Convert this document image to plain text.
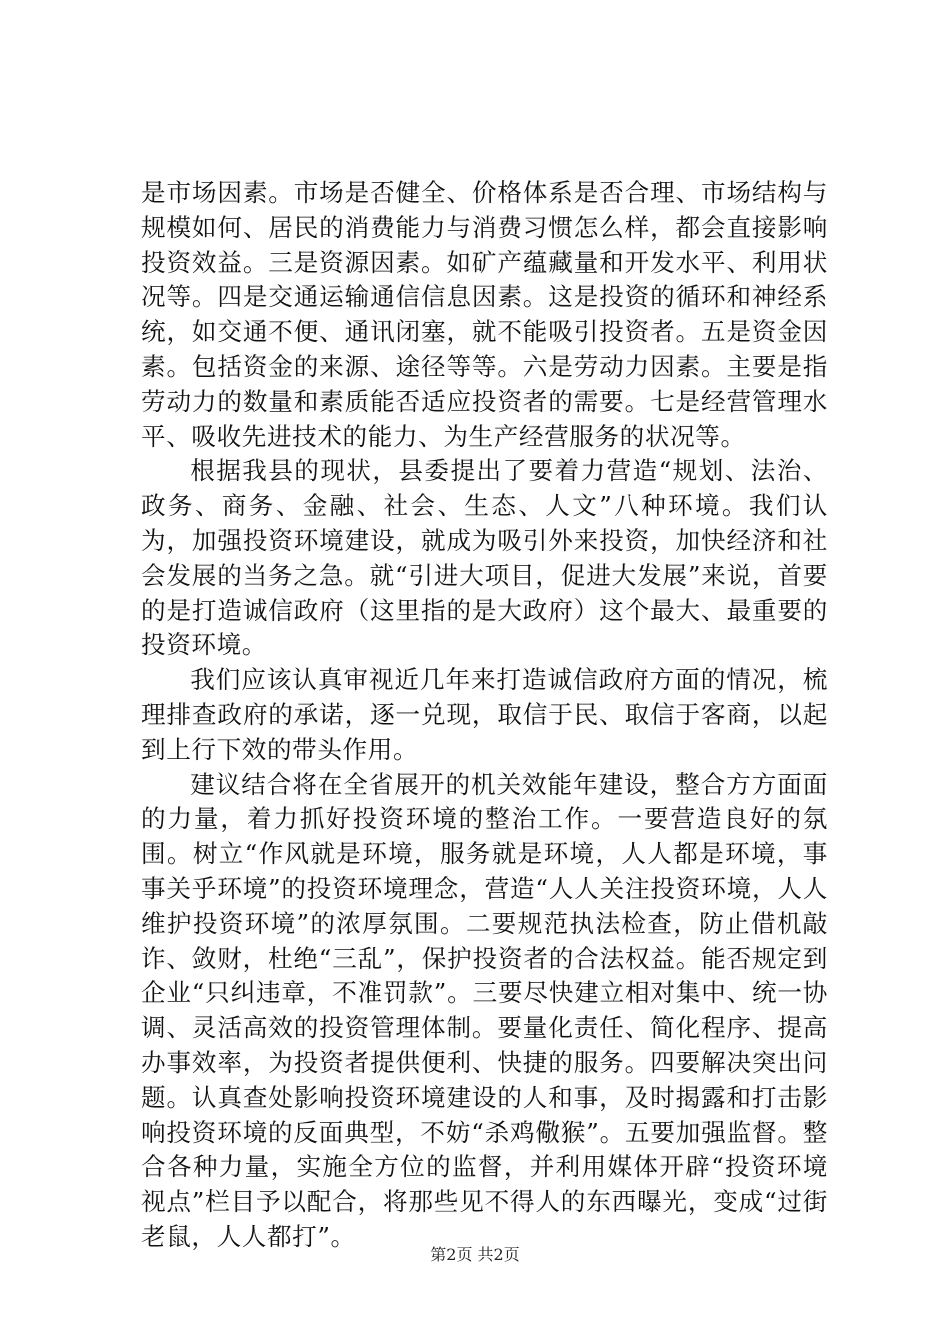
是市场因素。市场是否健全、价格体系是否合理、市场结构与规模如何、居民的消费能力与消费习惯怎么样，都会直接影响投资效益。三是资源因素。如矿产蕴藏量和开发水平、利用状况等。四是交通运输通信信息因素。这是投资的循环和神经系统，如交通不便、通讯闭塞，就不能吸引投资者。五是资金因素。包括资金的来源、途径等等。六是劳动力因素。主要是指劳动力的数量和素质能否适应投资者的需要。七是经营管理水平、吸收先进技术的能力、为生产经营服务的状况等。

根据我县的现状，县委提出了要着力营造“规划、法治、政务、商务、金融、社会、生态、人文”八种环境。我们认为，加强投资环境建设，就成为吸引外来投资，加快经济和社会发展的当务之急。就“引进大项目，促进大发展”来说，首要的是打造诚信政府（这里指的是大政府）这个最大、最重要的投资环境。

我们应该认真审视近几年来打造诚信政府方面的情况，梳理排查政府的承诺，逐一兑现，取信于民、取信于客商，以起到上行下效的带头作用。

建议结合将在全省展开的机关效能年建设，整合方方面面的力量，着力抓好投资环境的整治工作。一要营造良好的氛围。树立“作风就是环境，服务就是环境，人人都是环境，事事关乎环境”的投资环境理念，营造“人人关注投资环境，人人维护投资环境”的浓厚氛围。二要规范执法检查，防止借机敲诈、敛财，杜绝“三乱”，保护投资者的合法权益。能否规定到企业“只纠违章，不准罚款”。三要尽快建立相对集中、统一协调、灵活高效的投资管理体制。要量化责任、简化程序、提高办事效率，为投资者提供便利、快捷的服务。四要解决突出问题。认真查处影响投资环境建设的人和事，及时揭露和打击影响投资环境的反面典型，不妨“杀鸡儆猴”。五要加强监督。整合各种力量，实施全方位的监督，并利用媒体开辟“投资环境视点”栏目予以配合，将那些见不得人的东西曝光，变成“过街老鼠，人人都打”。

第2页 共2页
